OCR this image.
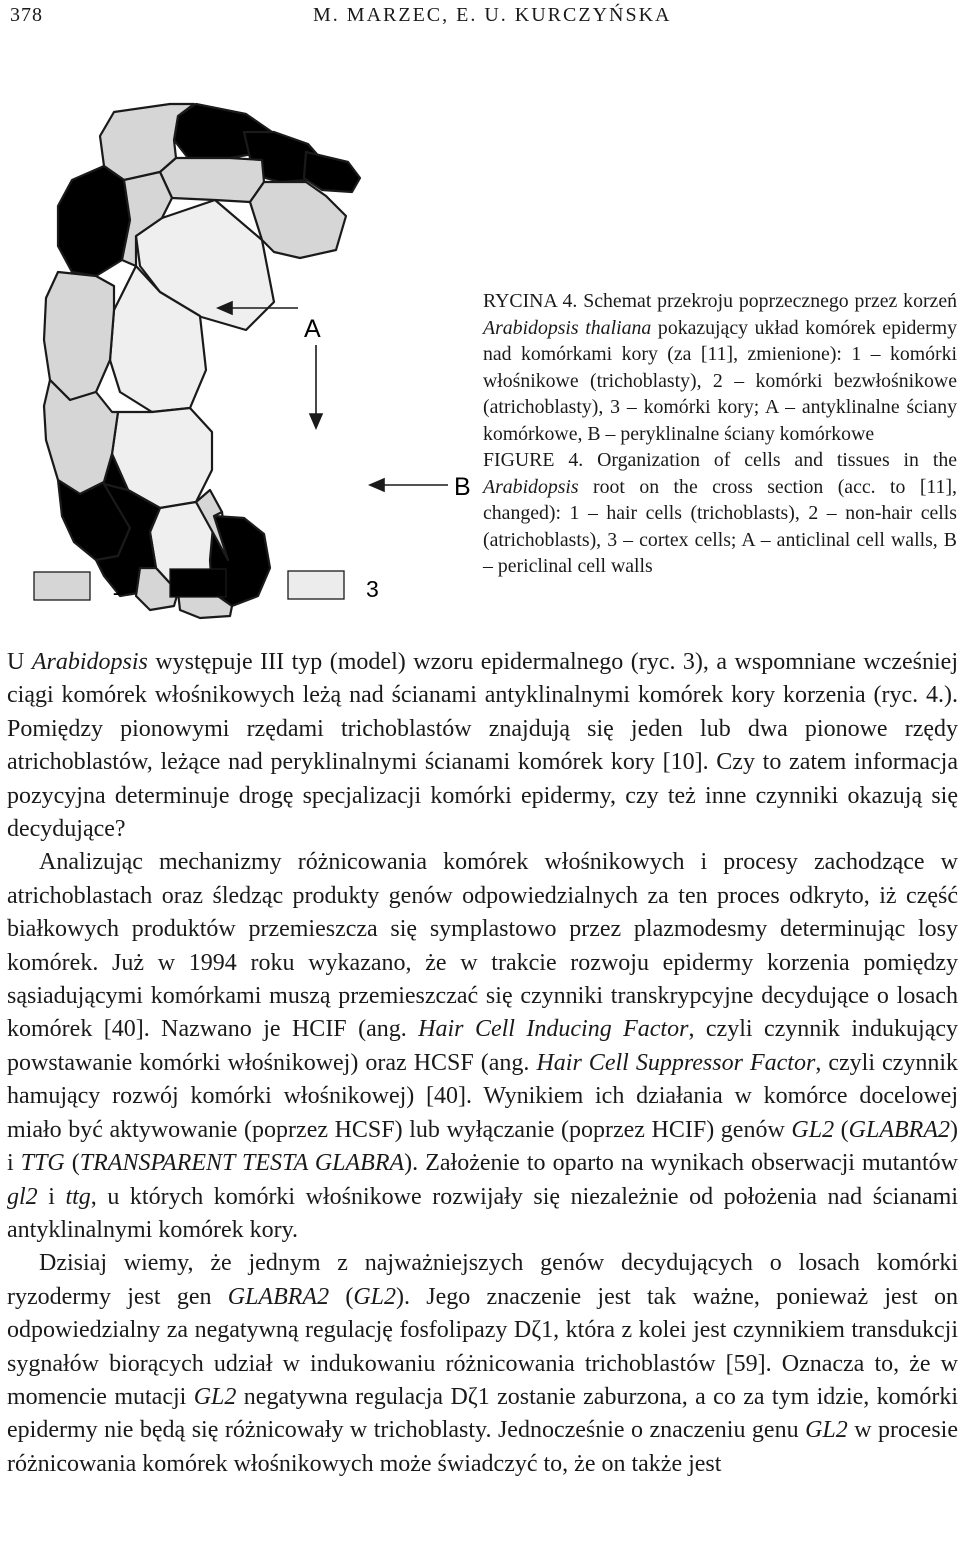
378	M. MARZEC, E. U. KURCZYŃSKA
A
B
1	2	3

RYCINA 4. Schemat przekroju poprzecznego przez korzeń Arabidopsis thaliana pokazujący układ komórek epidermy nad komórkami kory (za [11], zmienione): 1 – komórki włośnikowe (trichoblasty), 2 – komórki bezwłośnikowe (atrichoblasty), 3 – komórki kory; A – antyklinalne ściany komórkowe, B – peryklinalne ściany komórkowe

FIGURE 4. Organization of cells and tissues in the Arabidopsis root on the cross section (acc. to [11], changed): 1 – hair cells (trichoblasts), 2 – non-hair cells (atrichoblasts), 3 – cortex cells; A – anticlinal cell walls, B – periclinal cell walls

U Arabidopsis występuje III typ (model) wzoru epidermalnego (ryc. 3), a wspomniane wcześniej ciągi komórek włośnikowych leżą nad ścianami antyklinalnymi komórek kory korzenia (ryc. 4.). Pomiędzy pionowymi rzędami trichoblastów znajdują się jeden lub dwa pionowe rzędy atrichoblastów, leżące nad peryklinalnymi ścianami komórek kory [10]. Czy to zatem informacja pozycyjna determinuje drogę specjalizacji komórki epidermy, czy też inne czynniki okazują się decydujące?

Analizując mechanizmy różnicowania komórek włośnikowych i procesy zachodzące w atrichoblastach oraz śledząc produkty genów odpowiedzialnych za ten proces odkryto, iż część białkowych produktów przemieszcza się symplastowo przez plazmodesmy determinując losy komórek. Już w 1994 roku wykazano, że w trakcie rozwoju epidermy korzenia pomiędzy sąsiadującymi komórkami muszą przemieszczać się czynniki transkrypcyjne decydujące o losach komórek [40]. Nazwano je HCIF (ang. Hair Cell Inducing Factor, czyli czynnik indukujący powstawanie komórki włośnikowej) oraz HCSF (ang. Hair Cell Suppressor Factor, czyli czynnik hamujący rozwój komórki włośnikowej) [40]. Wynikiem ich działania w komórce docelowej miało być aktywowanie (poprzez HCSF) lub wyłączanie (poprzez HCIF) genów GL2 (GLABRA2) i TTG (TRANSPARENT TESTA GLABRA). Założenie to oparto na wynikach obserwacji mutantów gl2 i ttg, u których komórki włośnikowe rozwijały się niezależnie od położenia nad ścianami antyklinalnymi komórek kory.

Dzisiaj wiemy, że jednym z najważniejszych genów decydujących o losach komórki ryzodermy jest gen GLABRA2 (GL2). Jego znaczenie jest tak ważne, ponieważ jest on odpowiedzialny za negatywną regulację fosfolipazy Dζ1, która z kolei jest czynnikiem transdukcji sygnałów biorących udział w indukowaniu różnicowania trichoblastów [59]. Oznacza to, że w momencie mutacji GL2 negatywna regulacja Dζ1 zostanie zaburzona, a co za tym idzie, komórki epidermy nie będą się różnicowały w trichoblasty. Jednocześnie o znaczeniu genu GL2 w procesie różnicowania komórek włośnikowych może świadczyć to, że on także jest
